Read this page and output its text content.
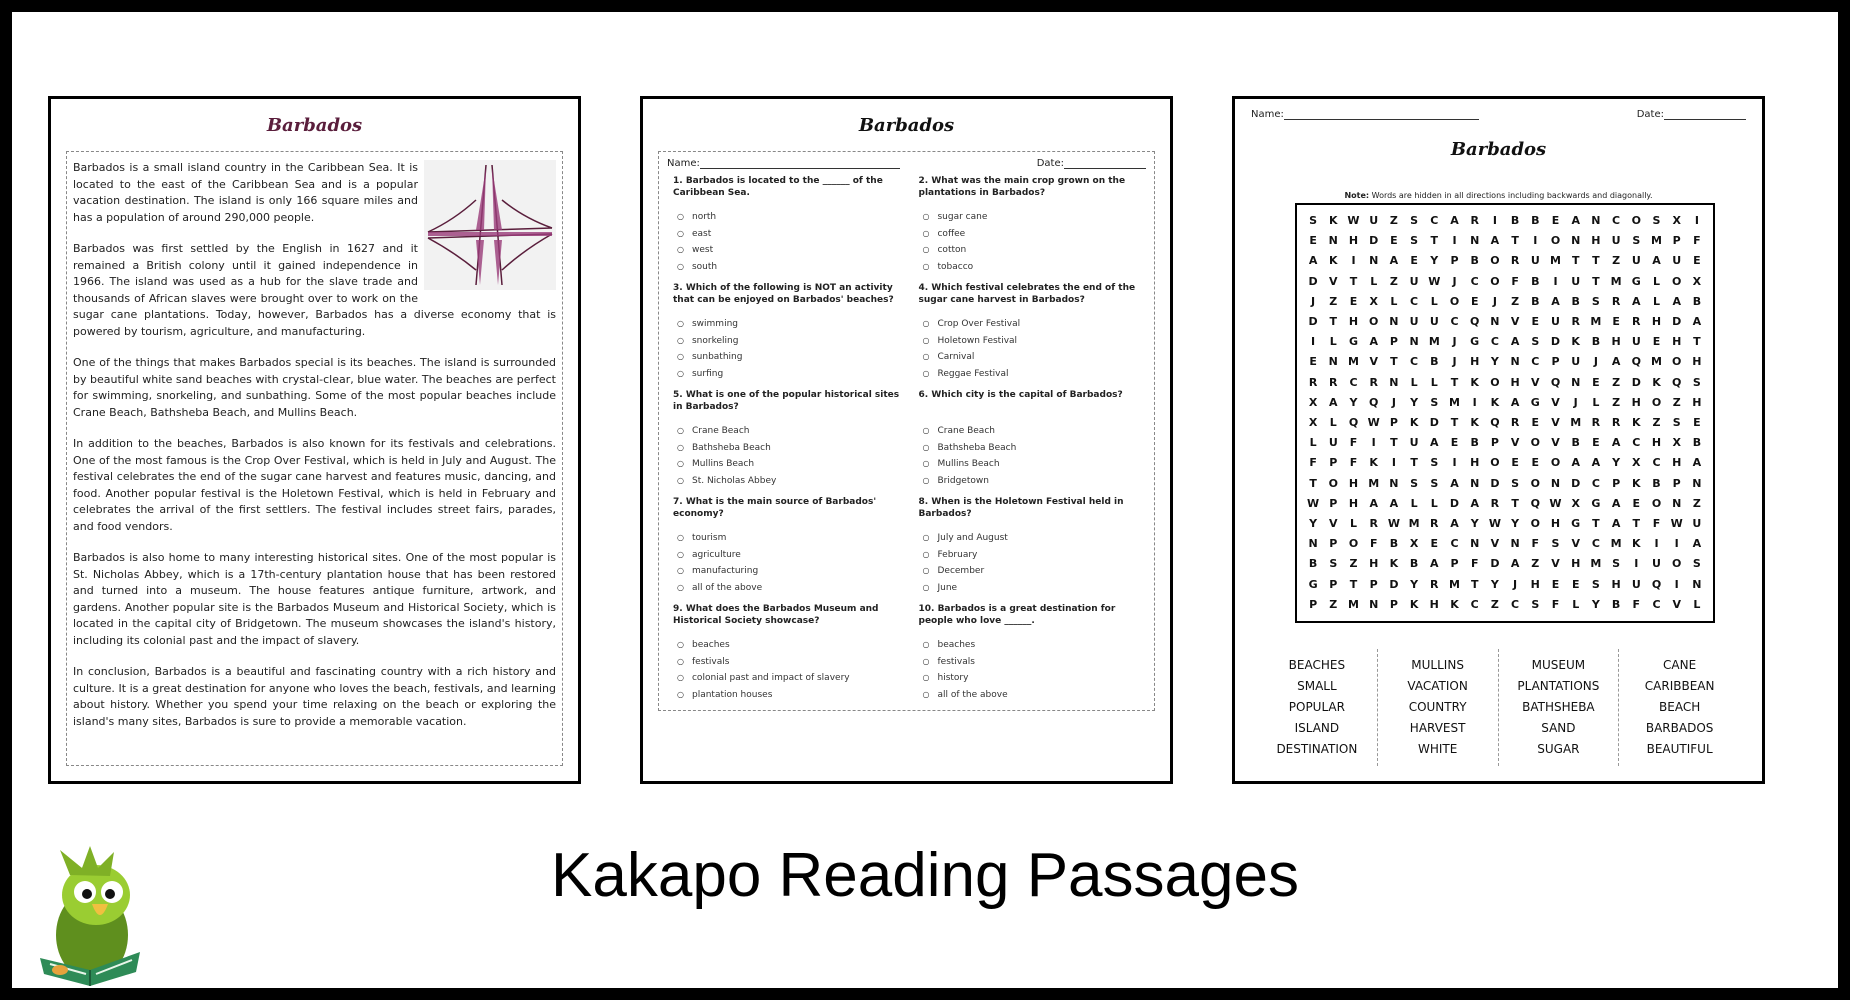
Barbados

Barbados is a small island country in the Caribbean Sea. It is located to the east of the Caribbean Sea and is a popular vacation destination. The island is only 166 square miles and has a population of around 290,000 people.

Barbados was first settled by the English in 1627 and it remained a British colony until it gained independence in 1966. The island was used as a hub for the slave trade and thousands of African slaves were brought over to work on the sugar cane plantations. Today, however, Barbados has a diverse economy that is powered by tourism, agriculture, and manufacturing.

One of the things that makes Barbados special is its beaches. The island is surrounded by beautiful white sand beaches with crystal-clear, blue water. The beaches are perfect for swimming, snorkeling, and sunbathing. Some of the most popular beaches include Crane Beach, Bathsheba Beach, and Mullins Beach.

In addition to the beaches, Barbados is also known for its festivals and celebrations. One of the most famous is the Crop Over Festival, which is held in July and August. The festival celebrates the end of the sugar cane harvest and features music, dancing, and food. Another popular festival is the Holetown Festival, which is held in February and celebrates the arrival of the first settlers. The festival includes street fairs, parades, and food vendors.

Barbados is also home to many interesting historical sites. One of the most popular is St. Nicholas Abbey, which is a 17th-century plantation house that has been restored and turned into a museum. The house features antique furniture, artwork, and gardens. Another popular site is the Barbados Museum and Historical Society, which is located in the capital city of Bridgetown. The museum showcases the island's history, including its colonial past and the impact of slavery.

In conclusion, Barbados is a beautiful and fascinating country with a rich history and culture. It is a great destination for anyone who loves the beach, festivals, and learning about history. Whether you spend your time relaxing on the beach or exploring the island's many sites, Barbados is sure to provide a memorable vacation.

Barbados
Name:	Date:
1. Barbados is located to the ______ of the Caribbean Sea.
○ north
○ east
○ west
○ south
2. What was the main crop grown on the plantations in Barbados?
○ sugar cane
○ coffee
○ cotton
○ tobacco
3. Which of the following is NOT an activity that can be enjoyed on Barbados' beaches?
○ swimming
○ snorkeling
○ sunbathing
○ surfing
4. Which festival celebrates the end of the sugar cane harvest in Barbados?
○ Crop Over Festival
○ Holetown Festival
○ Carnival
○ Reggae Festival
5. What is one of the popular historical sites in Barbados?
○ Crane Beach
○ Bathsheba Beach
○ Mullins Beach
○ St. Nicholas Abbey
6. Which city is the capital of Barbados?
○ Crane Beach
○ Bathsheba Beach
○ Mullins Beach
○ Bridgetown
7. What is the main source of Barbados' economy?
○ tourism
○ agriculture
○ manufacturing
○ all of the above
8. When is the Holetown Festival held in Barbados?
○ July and August
○ February
○ December
○ June
9. What does the Barbados Museum and Historical Society showcase?
○ beaches
○ festivals
○ colonial past and impact of slavery
○ plantation houses
10. Barbados is a great destination for people who love ______.
○ beaches
○ festivals
○ history
○ all of the above
Name:	Date:
Barbados
Note: Words are hidden in all directions including backwards and diagonally.
S	K W U	Z	S	C	A	R	I	B	B	E	A	N	C	O	S	X	I
E	N H	D	E	S	T	I	N	A	T	I	O N H	U	S M P	F
A	K	I	N	A	E	Y	P	B	O	R	U M T	T	Z	U	A	U	E
D	V	T	L	Z	U W	J	C	O	F	B	I	U	T M G	L	O	X
J	Z	E	X	L	C	L	O	E	J	Z	B	A	B	S	R	A	L	A	B
D	T	H O N	U	U	C	Q N	V	E	U	R M E	R	H	D	A
I	L	G	A	P	N M	J	G	C	A	S	D	K	B	H	U	E	H	T
E	N M V	T	C	B	J	H	Y	N	C	P	U	J	A	Q M O H
R	R	C	R	N	L	L	T	K	O H	V	Q N	E	Z	D	K	Q	S
X	A	Y	Q	J	Y	S M	I	K	A	G	V	J	L	Z	H O	Z	H
X	L	Q W P	K	D	T	K	Q	R	E	V M R	R	K	Z	S	E
L	U	F	I	T	U	A	E	B	P	V	O	V	B	E	A	C	H	X	B
F	P	F	K	I	T	S	I	H O	E	E	O	A	A	Y	X	C	H	A
T	O H M N	S	S	A	N	D	S	O N	D	C	P	K	B	P	N
W P	H	A	A	L	L	D	A	R	T	Q W X	G	A	E	O N	Z
Y	V	L	R W M R	A	Y W Y	O H	G	T	A	T	F W U
N	P	O	F	B	X	E	C	N	V	N	F	S	V	C M K	I	I	A
B	S	Z	H	K	B	A	P	F	D	A	Z	V	H M S	I	U	O	S
G	P	T	P	D	Y	R M T	Y	J	H	E	E	S	H	U	Q	I	N
P	Z M N	P	K	H	K	C	Z	C	S	F	L	Y	B	F	C	V	L
BEACHES
SMALL
POPULAR
ISLAND
DESTINATION
MULLINS
VACATION
COUNTRY
HARVEST
WHITE
MUSEUM
PLANTATIONS
BATHSHEBA
SAND
SUGAR
CANE
CARIBBEAN
BEACH
BARBADOS
BEAUTIFUL
Kakapo Reading Passages
